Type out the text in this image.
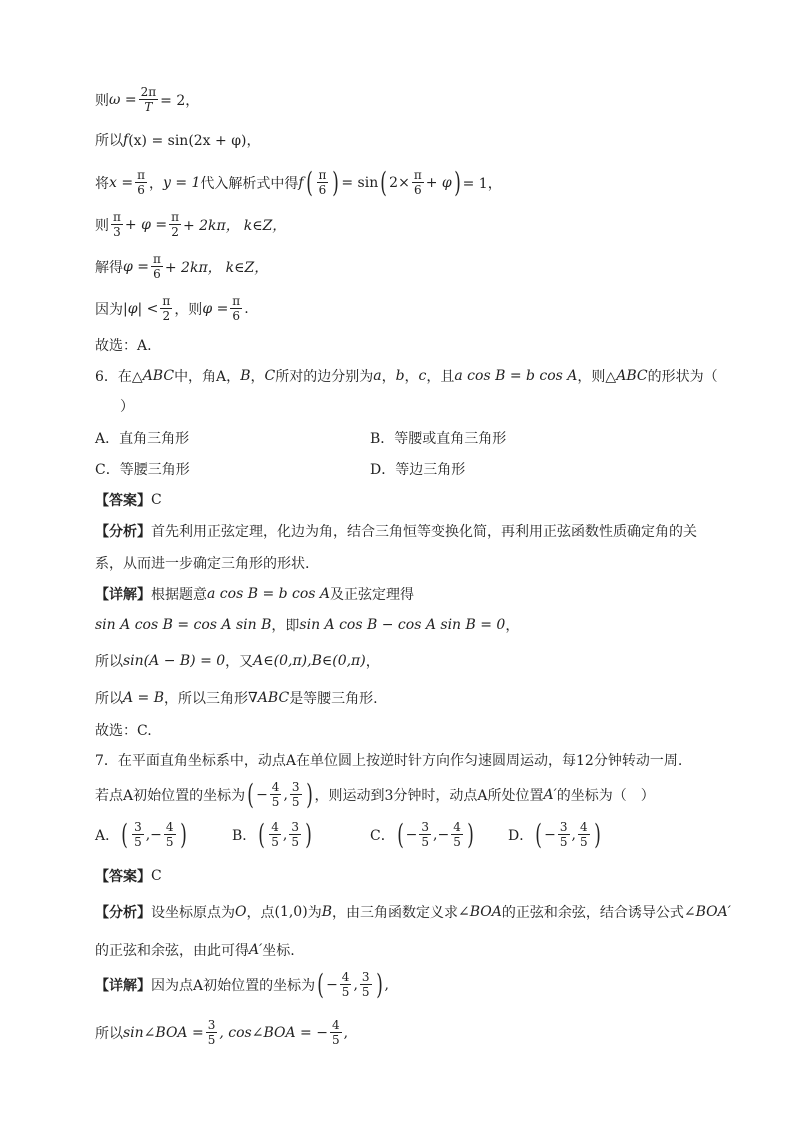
则 $\omega = \frac{2\pi}{T} = 2$，
所以 f (x) = sin(2x + φ)，
将 $x = \frac{\pi}{6}$ ， y = 1 代入解析式中得 f ( $\frac{\pi}{6}$ ) = sin ( $2\times \frac{\pi}{6} + \varphi$ ) = 1，
则 $\frac{\pi}{3} + \varphi = \frac{\pi}{2} + 2k\pi$， k∈Z，
解得 $\varphi = \frac{\pi}{6} + 2k\pi$， k∈Z，
因为 $|\varphi| < \frac{\pi}{2}$ ，则 $\varphi = \frac{\pi}{6}$ .
故选：A.
6．在△ ABC 中，角A， B ， C 所对的边分别为 a ， b ， c ，且 a cos B = b cos A ，则△ ABC 的形状为（
）
A．直角三角形	B．等腰或直角三角形
C．等腰三角形	D．等边三角形
【答案】 C
【分析】 首先利用正弦定理，化边为角，结合三角恒等变换化简，再利用正弦函数性质确定角的关
系，从而进一步确定三角形的形状.
【详解】 根据题意 a cos B = b cos A 及正弦定理得
sin A cos B = cos A sin B ，即 sin A cos B − cos A sin B = 0 ，
所以 sin(A − B) = 0 ，又 A∈(0,π),B∈(0,π) ，
所以 A = B ，所以三角形 ∇ABC 是等腰三角形.
故选：C.
7．在平面直角坐标系中，动点A在单位圆上按逆时针方向作匀速圆周运动，每12分钟转动一周.
若点A初始位置的坐标为 ( − $\frac{4}{5}$ , $\frac{3}{5}$ ) ，则运动到3分钟时，动点A所处位置 A′ 的坐标为（　）
A． ( $\frac{3}{5}$ ,− $\frac{4}{5}$ )	B． ( $\frac{4}{5}$ , $\frac{3}{5}$ )	C． ( − $\frac{3}{5}$ ,− $\frac{4}{5}$ ) D． ( − $\frac{3}{5}$ , $\frac{4}{5}$ )
【答案】 C
【分析】 设坐标原点为 O ，点 (1,0) 为 B ，由三角函数定义求 ∠BOA 的正弦和余弦，结合诱导公式 ∠BOA′
的正弦和余弦，由此可得 A′ 坐标.
【详解】 因为点A初始位置的坐标为 ( − $\frac{4}{5}$ , $\frac{3}{5}$ ) ,
所以 sin∠BOA = $\frac{3}{5}$ , cos∠BOA = − $\frac{4}{5}$ ,
